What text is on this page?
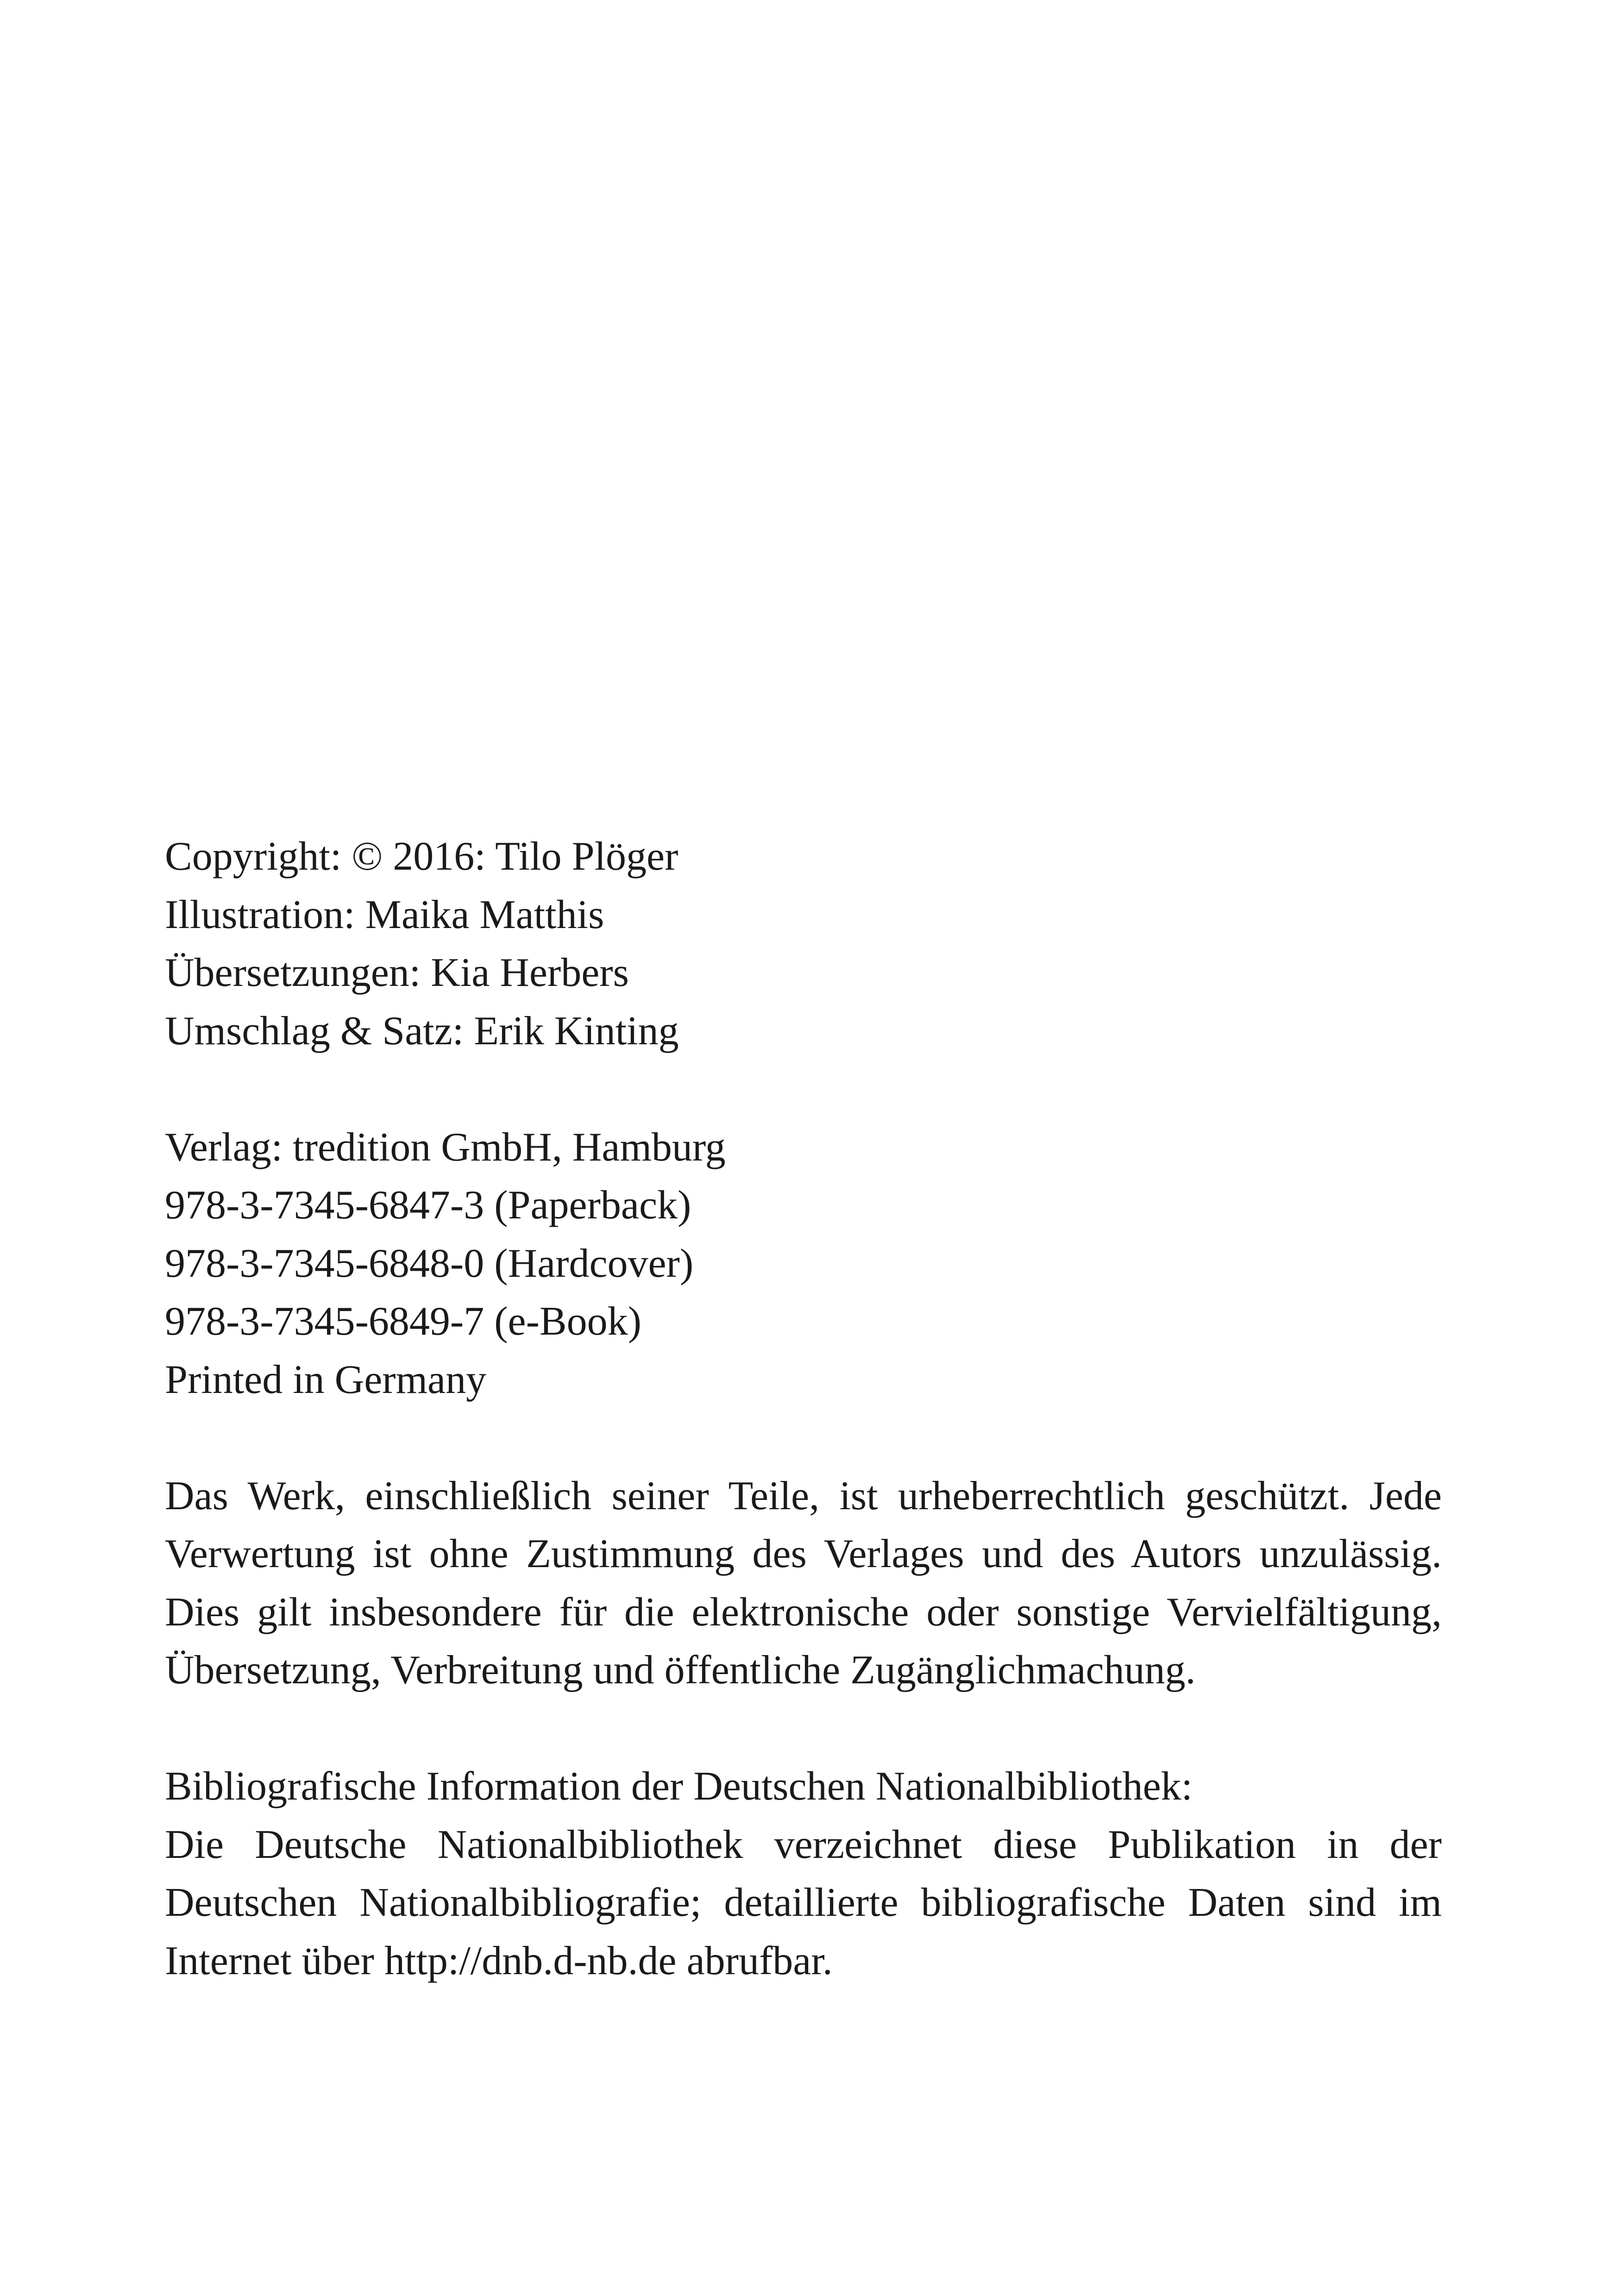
Copyright: © 2016: Tilo Plöger
Illustration: Maika Matthis
Übersetzungen: Kia Herbers
Umschlag & Satz: Erik Kinting
Verlag: tredition GmbH, Hamburg
978-3-7345-6847-3 (Paperback)
978-3-7345-6848-0 (Hardcover)
978-3-7345-6849-7 (e-Book)
Printed in Germany

Das Werk, einschließlich seiner Teile, ist urheberrechtlich geschützt. Jede Verwertung ist ohne Zustimmung des Verlages und des Autors unzulässig. Dies gilt insbesondere für die elektronische oder sonstige Vervielfältigung, Übersetzung, Verbreitung und öffentliche Zugänglichmachung.

Bibliografische Information der Deutschen Nationalbibliothek:

Die Deutsche Nationalbibliothek verzeichnet diese Publikation in der Deutschen Nationalbibliografie; detaillierte bibliografische Daten sind im Internet über http://dnb.d-nb.de abrufbar.
